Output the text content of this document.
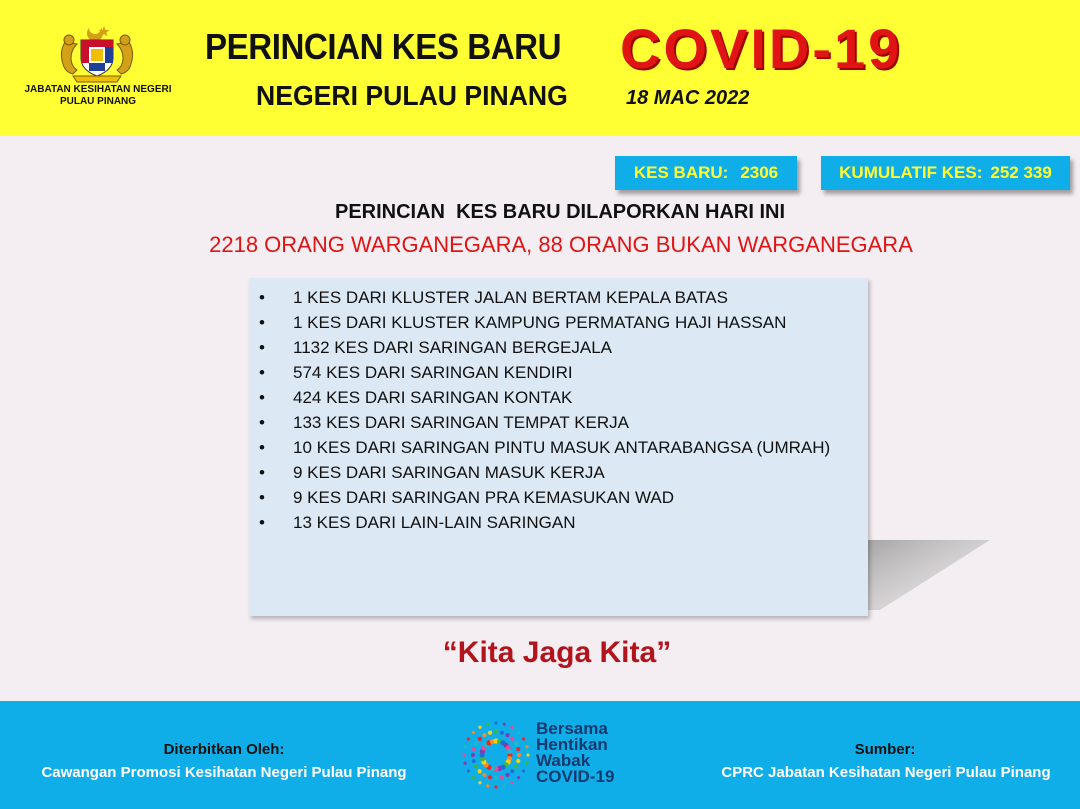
JABATAN KESIHATAN NEGERI
PULAU PINANG
PERINCIAN KES BARU COVID-19
NEGERI PULAU PINANG	18 MAC 2022
KES BARU: 2306	KUMULATIF KES: 252 339
PERINCIAN  KES BARU DILAPORKAN HARI INI
2218 ORANG WARGANEGARA, 88 ORANG BUKAN WARGANEGARA
• 1 KES DARI KLUSTER JALAN BERTAM KEPALA BATAS
• 1 KES DARI KLUSTER KAMPUNG PERMATANG HAJI HASSAN
• 1132 KES DARI SARINGAN BERGEJALA
• 574 KES DARI SARINGAN KENDIRI
• 424 KES DARI SARINGAN KONTAK
• 133 KES DARI SARINGAN TEMPAT KERJA
• 10 KES DARI SARINGAN PINTU MASUK ANTARABANGSA (UMRAH)
• 9 KES DARI SARINGAN MASUK KERJA
• 9 KES DARI SARINGAN PRA KEMASUKAN WAD
• 13 KES DARI LAIN-LAIN SARINGAN
“Kita Jaga Kita”
Diterbitkan Oleh:
Cawangan Promosi Kesihatan Negeri Pulau Pinang
Bersama
Hentikan
Wabak
COVID-19
Sumber:
CPRC Jabatan Kesihatan Negeri Pulau Pinang
